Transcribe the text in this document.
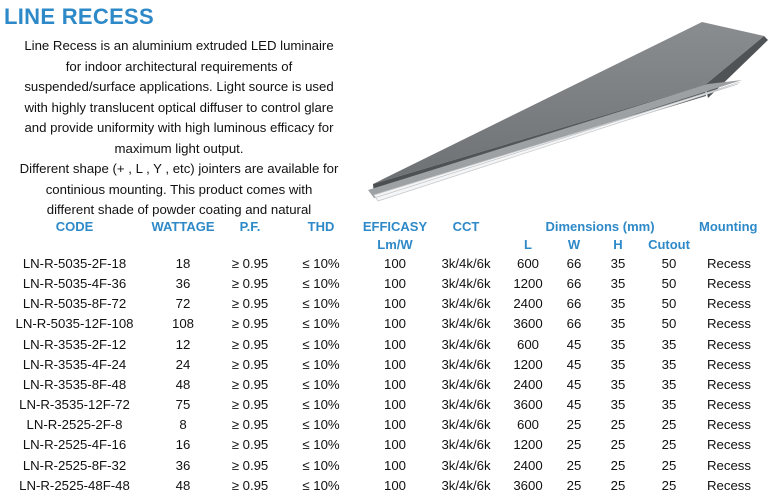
LINE RECESS
Line Recess is an aluminium extruded LED luminaire
for indoor architectural requirements of
suspended/surface applications. Light source is used
with highly translucent optical diffuser to control glare
and provide uniformity with high luminous efficacy for
maximum light output.
Different shape (+ , L , Y , etc) jointers are available for
continious mounting. This product comes with
different shade of powder coating and natural
CODE	WATTAGE	P.F.	THD	EFFICASY	CCT	Dimensions (mm)				Mounting
				Lm/W		L	W	H	Cutout	
LN-R-5035-2F-18	18	≥ 0.95	≤ 10%	100	3k/4k/6k	600	66	35	50	Recess
LN-R-5035-4F-36	36	≥ 0.95	≤ 10%	100	3k/4k/6k	1200	66	35	50	Recess
LN-R-5035-8F-72	72	≥ 0.95	≤ 10%	100	3k/4k/6k	2400	66	35	50	Recess
LN-R-5035-12F-108	108	≥ 0.95	≤ 10%	100	3k/4k/6k	3600	66	35	50	Recess
LN-R-3535-2F-12	12	≥ 0.95	≤ 10%	100	3k/4k/6k	600	45	35	35	Recess
LN-R-3535-4F-24	24	≥ 0.95	≤ 10%	100	3k/4k/6k	1200	45	35	35	Recess
LN-R-3535-8F-48	48	≥ 0.95	≤ 10%	100	3k/4k/6k	2400	45	35	35	Recess
LN-R-3535-12F-72	75	≥ 0.95	≤ 10%	100	3k/4k/6k	3600	45	35	35	Recess
LN-R-2525-2F-8	8	≥ 0.95	≤ 10%	100	3k/4k/6k	600	25	25	25	Recess
LN-R-2525-4F-16	16	≥ 0.95	≤ 10%	100	3k/4k/6k	1200	25	25	25	Recess
LN-R-2525-8F-32	36	≥ 0.95	≤ 10%	100	3k/4k/6k	2400	25	25	25	Recess
LN-R-2525-48F-48	48	≥ 0.95	≤ 10%	100	3k/4k/6k	3600	25	25	25	Recess
